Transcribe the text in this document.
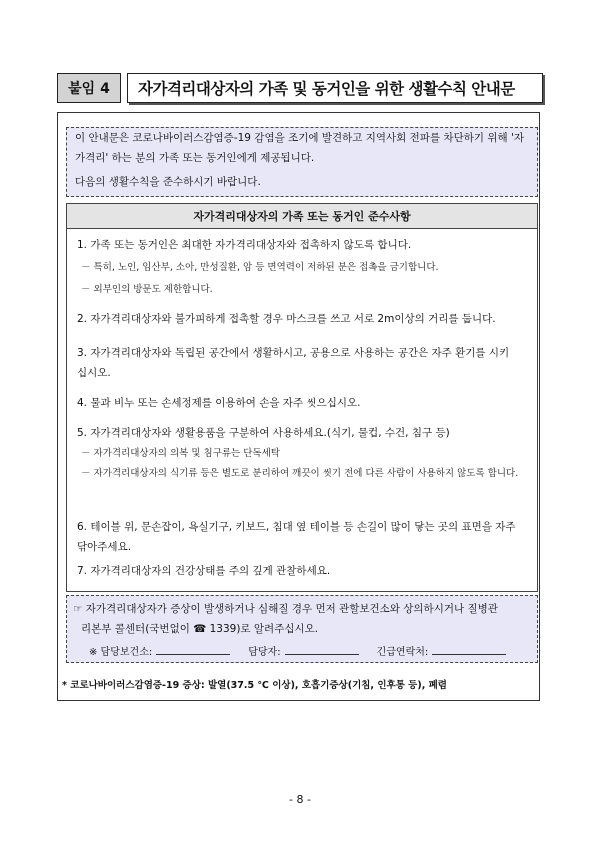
붙임 4	자가격리대상자의 가족 및 동거인을 위한 생활수칙 안내문

이 안내문은 코로나바이러스감염증-19 감염을 조기에 발견하고 지역사회 전파를 차단하기 위해 '자가격리' 하는 분의 가족 또는 동거인에게 제공됩니다.

다음의 생활수칙을 준수하시기 바랍니다.

자가격리대상자의 가족 또는 동거인 준수사항
1. 가족 또는 동거인은 최대한 자가격리대상자와 접촉하지 않도록 합니다.
－ 특히, 노인, 임산부, 소아, 만성질환, 암 등 면역력이 저하된 분은 접촉을 금기합니다.
－ 외부인의 방문도 제한합니다.
2. 자가격리대상자와 불가피하게 접촉할 경우 마스크를 쓰고 서로 2m이상의 거리를 둡니다.
3. 자가격리대상자와 독립된 공간에서 생활하시고, 공용으로 사용하는 공간은 자주 환기를 시키십시오.
4. 물과 비누 또는 손세정제를 이용하여 손을 자주 씻으십시오.
5. 자가격리대상자와 생활용품을 구분하여 사용하세요.(식기, 물컵, 수건, 침구 등)
－ 자가격리대상자의 의복 및 침구류는 단독세탁
－ 자가격리대상자의 식기류 등은 별도로 분리하여 깨끗이 씻기 전에 다른 사람이 사용하지 않도록 합니다.
6. 테이블 위, 문손잡이, 욕실기구, 키보드, 침대 옆 테이블 등 손길이 많이 닿는 곳의 표면을 자주 닦아주세요.
7. 자가격리대상자의 건강상태를 주의 깊게 관찰하세요.
☞ 자가격리대상자가 증상이 발생하거나 심해질 경우 먼저 관할보건소와 상의하시거나 질병관
리본부 콜센터(국번없이 ☎ 1339)로 알려주십시오.
※ 담당보건소:	담당자:	긴급연락처:
* 코로나바이러스감염증-19 증상: 발열(37.5 ℃ 이상), 호흡기증상(기침, 인후통 등), 폐렴
- 8 -
